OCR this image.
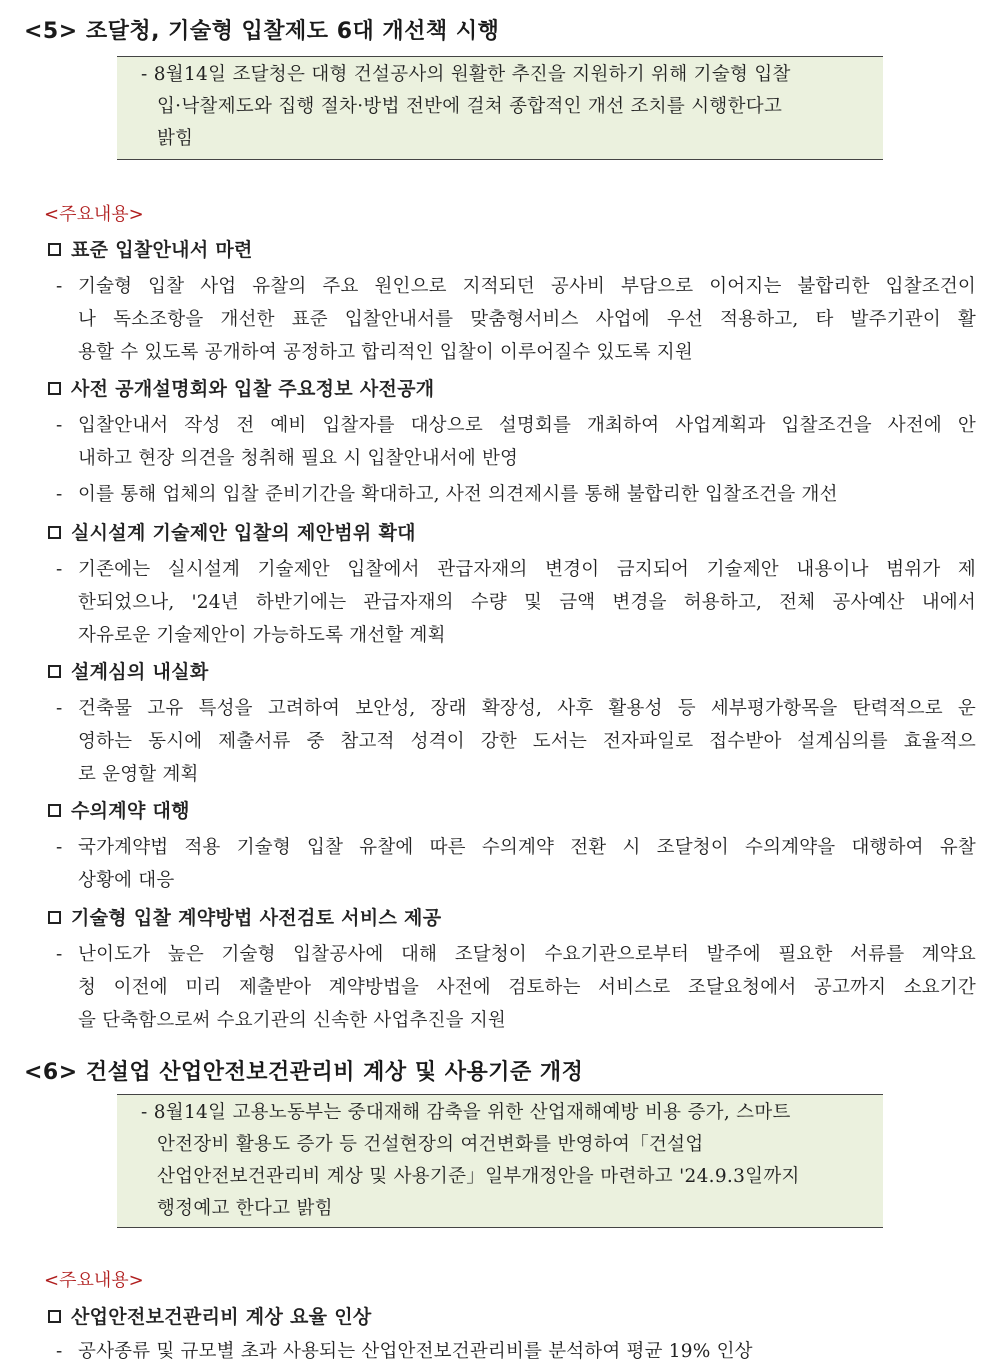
<5> 조달청, 기술형 입찰제도 6대 개선책 시행
- 8월14일 조달청은 대형 건설공사의 원활한 추진을 지원하기 위해 기술형 입찰
입·낙찰제도와 집행 절차·방법 전반에 걸쳐 종합적인 개선 조치를 시행한다고
밝힘
<주요내용>
표준 입찰안내서 마련
- 기술형 입찰 사업 유찰의 주요 원인으로 지적되던 공사비 부담으로 이어지는 불합리한 입찰조건이
나 독소조항을 개선한 표준 입찰안내서를 맞춤형서비스 사업에 우선 적용하고, 타 발주기관이 활
용할 수 있도록 공개하여 공정하고 합리적인 입찰이 이루어질수 있도록 지원
사전 공개설명회와 입찰 주요정보 사전공개
- 입찰안내서 작성 전 예비 입찰자를 대상으로 설명회를 개최하여 사업계획과 입찰조건을 사전에 안
내하고 현장 의견을 청취해 필요 시 입찰안내서에 반영
- 이를 통해 업체의 입찰 준비기간을 확대하고, 사전 의견제시를 통해 불합리한 입찰조건을 개선
실시설계 기술제안 입찰의 제안범위 확대
- 기존에는 실시설계 기술제안 입찰에서 관급자재의 변경이 금지되어 기술제안 내용이나 범위가 제
한되었으나, '24년 하반기에는 관급자재의 수량 및 금액 변경을 허용하고, 전체 공사예산 내에서
자유로운 기술제안이 가능하도록 개선할 계획
설계심의 내실화
- 건축물 고유 특성을 고려하여 보안성, 장래 확장성, 사후 활용성 등 세부평가항목을 탄력적으로 운
영하는 동시에 제출서류 중 참고적 성격이 강한 도서는 전자파일로 접수받아 설계심의를 효율적으
로 운영할 계획
수의계약 대행
- 국가계약법 적용 기술형 입찰 유찰에 따른 수의계약 전환 시 조달청이 수의계약을 대행하여 유찰
상황에 대응
기술형 입찰 계약방법 사전검토 서비스 제공
- 난이도가 높은 기술형 입찰공사에 대해 조달청이 수요기관으로부터 발주에 필요한 서류를 계약요
청 이전에 미리 제출받아 계약방법을 사전에 검토하는 서비스로 조달요청에서 공고까지 소요기간
을 단축함으로써 수요기관의 신속한 사업추진을 지원
<6> 건설업 산업안전보건관리비 계상 및 사용기준 개정
- 8월14일 고용노동부는 중대재해 감축을 위한 산업재해예방 비용 증가, 스마트
안전장비 활용도 증가 등 건설현장의 여건변화를 반영하여「건설업
산업안전보건관리비 계상 및 사용기준」일부개정안을 마련하고 '24.9.3일까지
행정예고 한다고 밝힘
<주요내용>
산업안전보건관리비 계상 요율 인상
- 공사종류 및 규모별 초과 사용되는 산업안전보건관리비를 분석하여 평균 19% 인상
